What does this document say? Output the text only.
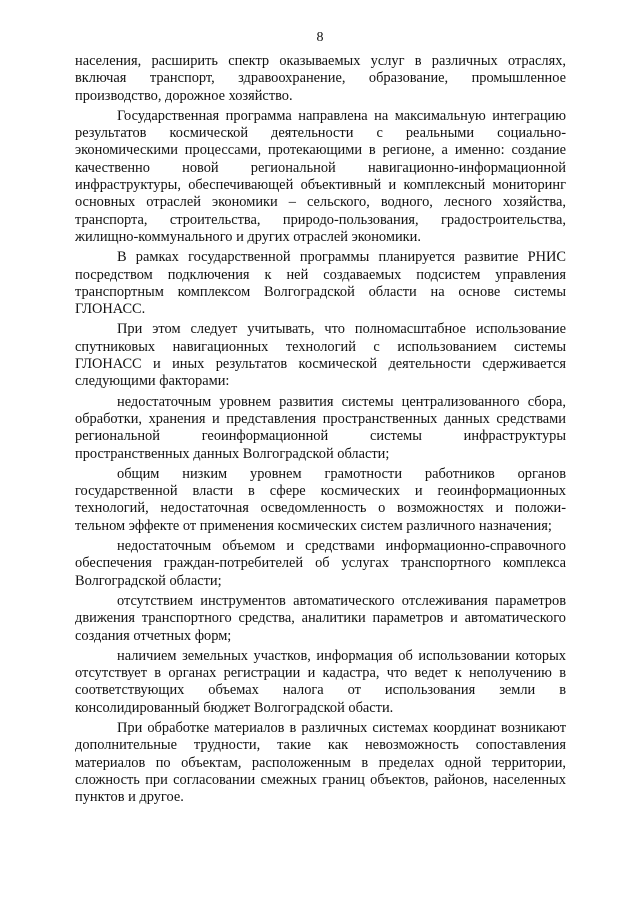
8

населения, расширить спектр оказываемых услуг в различных отраслях, включая транспорт, здравоохранение, образование, промышленное производство, дорожное хозяйство.

Государственная программа направлена на максимальную интеграцию результатов космической деятельности с реальными социально-экономическими процессами, протекающими в регионе, а именно: создание качественно новой региональной навигационно-информационной инфраструктуры, обеспечивающей объективный и комплексный мониторинг основных отраслей экономики – сельского, водного, лесного хозяйства, транспорта, строительства, природо-пользования, градостроительства, жилищно-коммунального и других отраслей экономики.

В рамках государственной программы планируется развитие РНИС посредством подключения к ней создаваемых подсистем управления транспортным комплексом Волгоградской области на основе системы ГЛОНАСС.

При этом следует учитывать, что полномасштабное использование спутниковых навигационных технологий с использованием системы ГЛОНАСС и иных результатов космической деятельности сдерживается следующими факторами:

недостаточным уровнем развития системы централизованного сбора, обработки, хранения и представления пространственных данных средствами региональной геоинформационной системы инфраструктуры пространственных данных Волгоградской области;

общим низким уровнем грамотности работников органов государственной власти в сфере космических и геоинформационных технологий, недостаточная осведомленность о возможностях и положи-тельном эффекте от применения космических систем различного назначения;

недостаточным объемом и средствами информационно-справочного обеспечения граждан-потребителей об услугах транспортного комплекса Волгоградской области;

отсутствием инструментов автоматического отслеживания параметров движения транспортного средства, аналитики параметров и автоматического создания отчетных форм;

наличием земельных участков, информация об использовании которых отсутствует в органах регистрации и кадастра, что ведет к неполучению в соответствующих объемах налога от использования земли в консолидированный бюджет Волгоградской обасти.

При обработке материалов в различных системах координат возникают дополнительные трудности, такие как невозможность сопоставления материалов по объектам, расположенным в пределах одной территории, сложность при согласовании смежных границ объектов, районов, населенных пунктов и другое.
